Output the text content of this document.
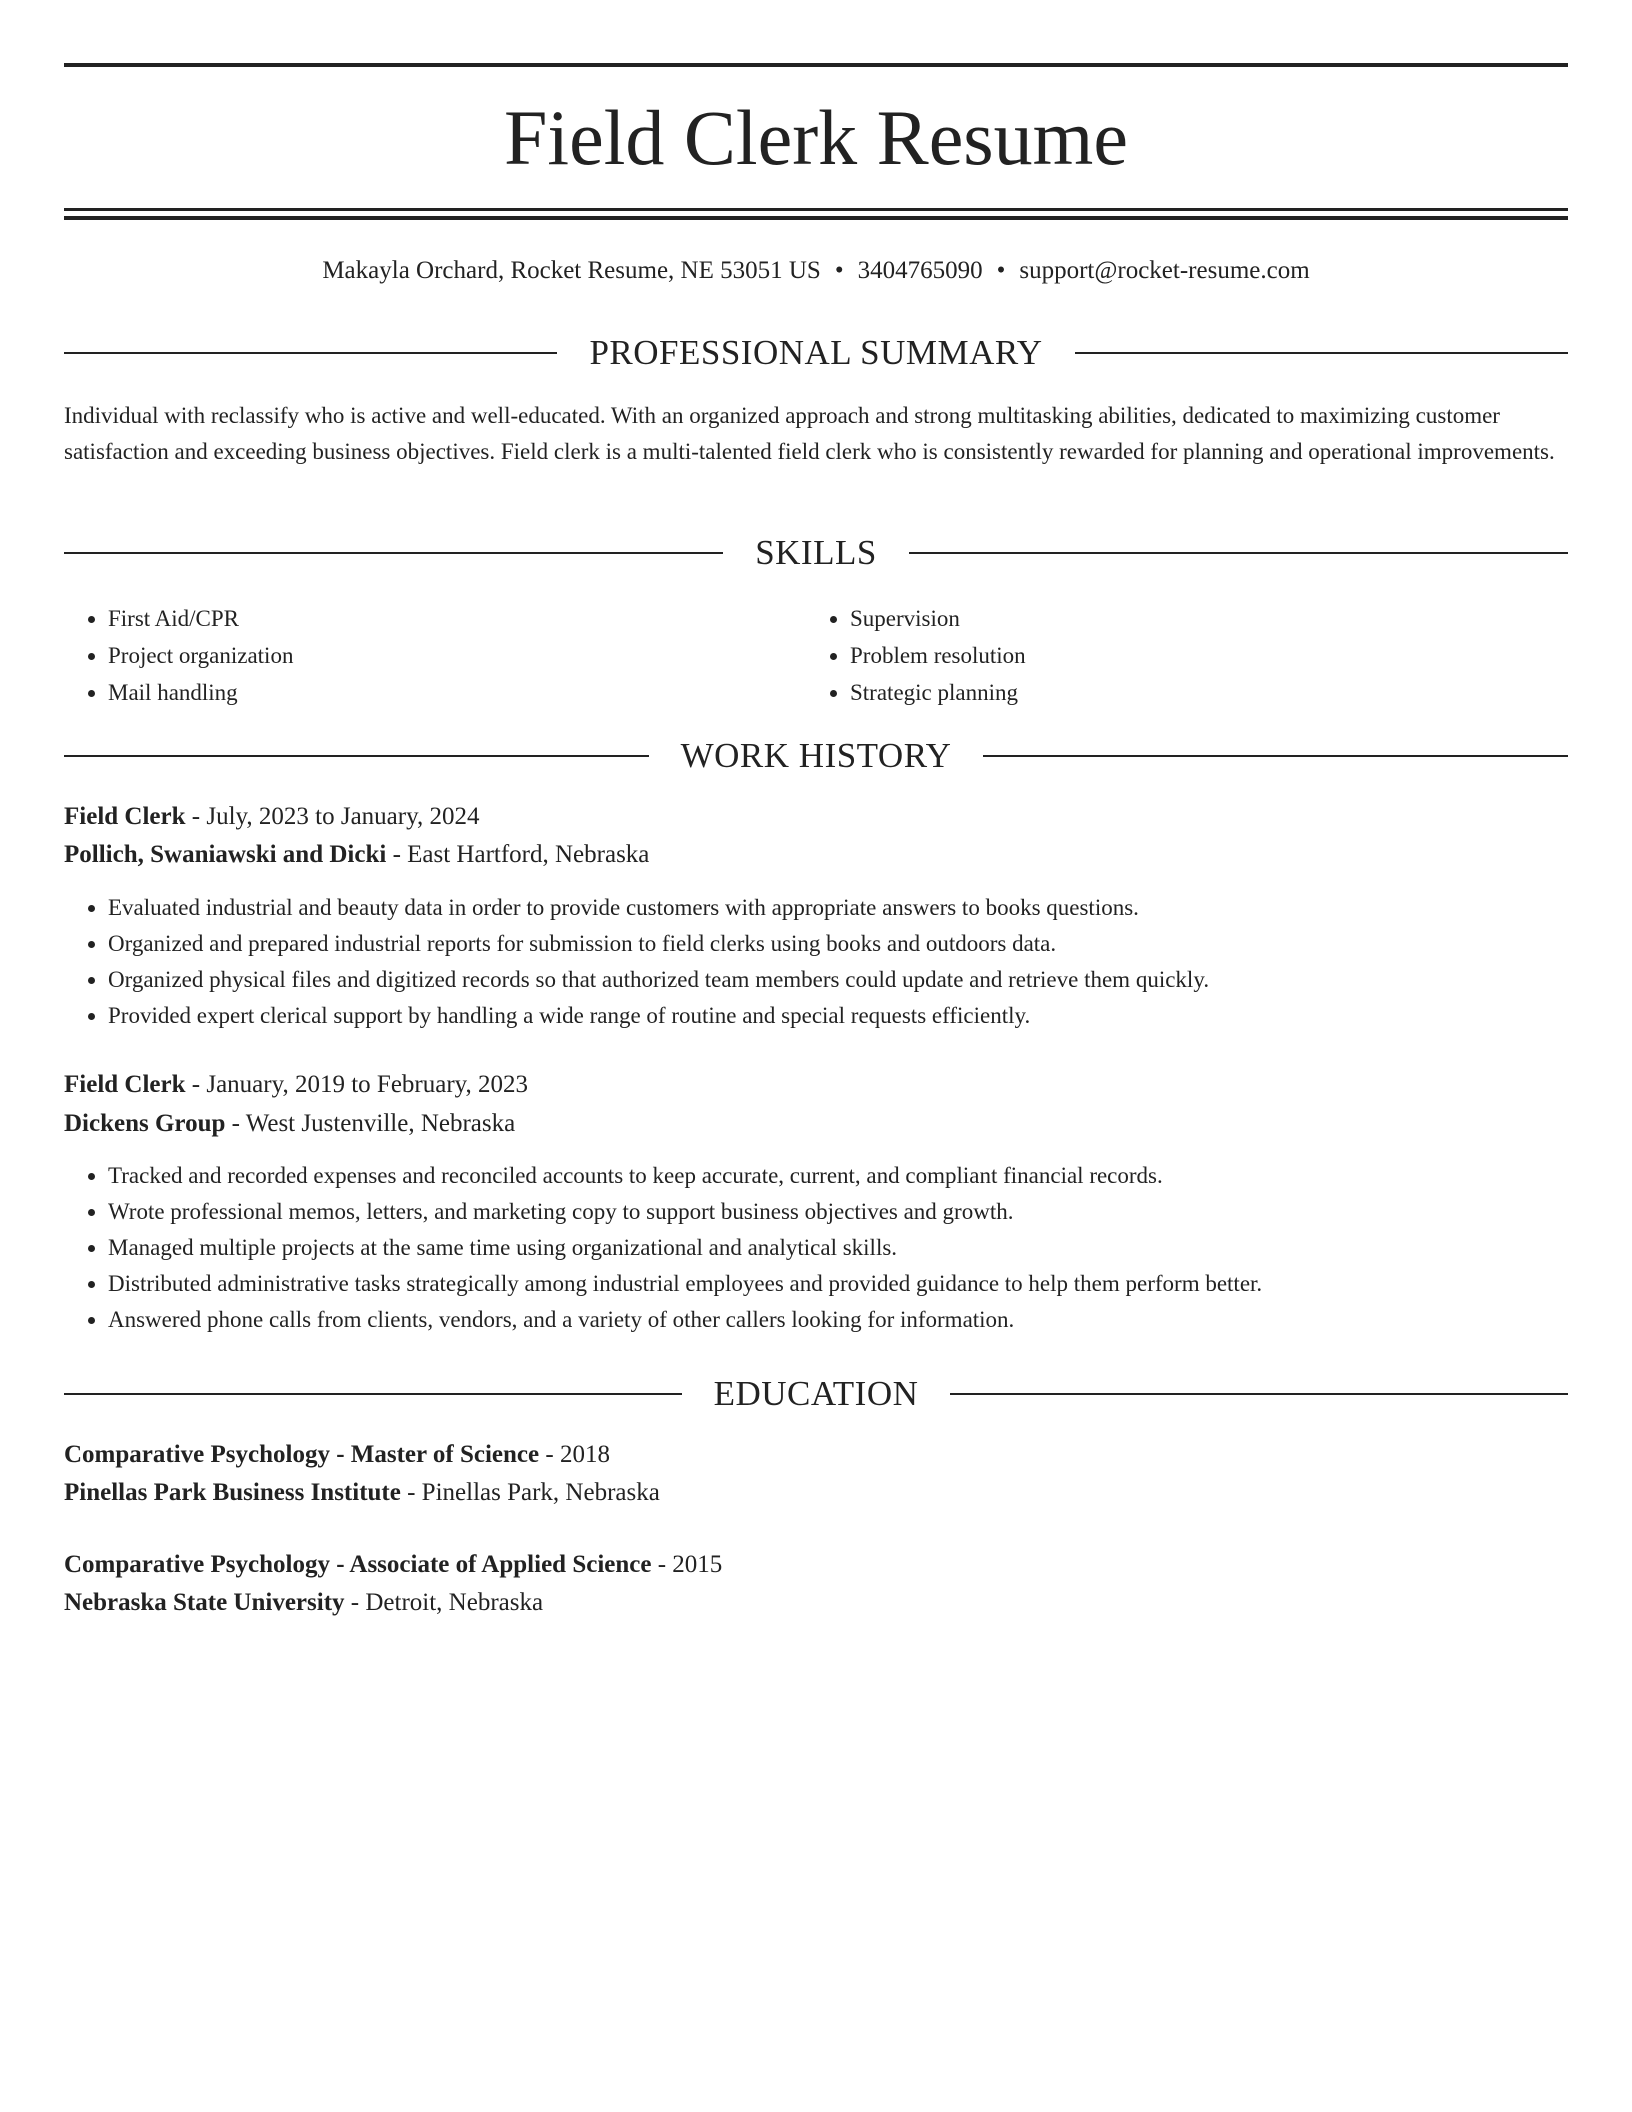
Field Clerk Resume
Makayla Orchard, Rocket Resume, NE 53051 US • 3404765090 • support@rocket-resume.com
PROFESSIONAL SUMMARY

Individual with reclassify who is active and well-educated. With an organized approach and strong multitasking abilities, dedicated to maximizing customer satisfaction and exceeding business objectives. Field clerk is a multi-talented field clerk who is consistently rewarded for planning and operational improvements.

SKILLS
• First Aid/CPR
• Project organization
• Mail handling
• Supervision
• Problem resolution
• Strategic planning
WORK HISTORY

Field Clerk - July, 2023 to January, 2024

Pollich, Swaniawski and Dicki - East Hartford, Nebraska

• Evaluated industrial and beauty data in order to provide customers with appropriate answers to books questions.
• Organized and prepared industrial reports for submission to field clerks using books and outdoors data.
• Organized physical files and digitized records so that authorized team members could update and retrieve them quickly.
• Provided expert clerical support by handling a wide range of routine and special requests efficiently.

Field Clerk - January, 2019 to February, 2023

Dickens Group - West Justenville, Nebraska

• Tracked and recorded expenses and reconciled accounts to keep accurate, current, and compliant financial records.
• Wrote professional memos, letters, and marketing copy to support business objectives and growth.
• Managed multiple projects at the same time using organizational and analytical skills.
• Distributed administrative tasks strategically among industrial employees and provided guidance to help them perform better.
• Answered phone calls from clients, vendors, and a variety of other callers looking for information.
EDUCATION

Comparative Psychology - Master of Science - 2018

Pinellas Park Business Institute - Pinellas Park, Nebraska

Comparative Psychology - Associate of Applied Science - 2015

Nebraska State University - Detroit, Nebraska
